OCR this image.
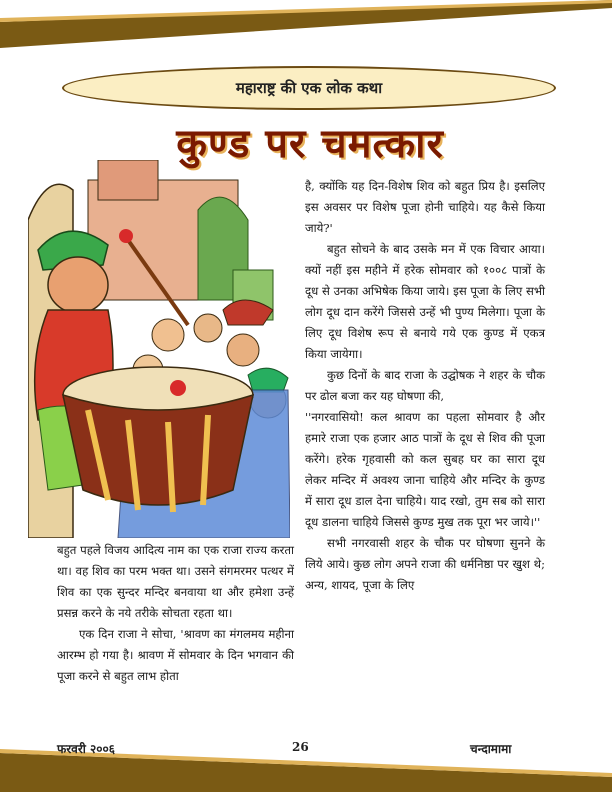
महाराष्ट्र की एक लोक कथा
कुण्ड पर चमत्कार

बहुत पहले विजय आदित्य नाम का एक राजा राज्य करता था। वह शिव का परम भक्त था। उसने संगमरमर पत्थर में शिव का एक सुन्दर मन्दिर बनवाया था और हमेशा उन्हें प्रसन्न करने के नये तरीके सोचता रहता था।

एक दिन राजा ने सोचा, 'श्रावण का मंगलमय महीना आरम्भ हो गया है। श्रावण में सोमवार के दिन भगवान की पूजा करने से बहुत लाभ होता

है, क्योंकि यह दिन-विशेष शिव को बहुत प्रिय है। इसलिए इस अवसर पर विशेष पूजा होनी चाहिये। यह कैसे किया जाये?'

बहुत सोचने के बाद उसके मन में एक विचार आया। क्यों नहीं इस महीने में हरेक सोमवार को १००८ पात्रों के दूध से उनका अभिषेक किया जाये। इस पूजा के लिए सभी लोग दूध दान करेंगे जिससे उन्हें भी पुण्य मिलेगा। पूजा के लिए दूध विशेष रूप से बनाये गये एक कुण्ड में एकत्र किया जायेगा।

कुछ दिनों के बाद राजा के उद्घोषक ने शहर के चौक पर ढोल बजा कर यह घोषणा की,

''नगरवासियो! कल श्रावण का पहला सोमवार है और हमारे राजा एक हजार आठ पात्रों के दूध से शिव की पूजा करेंगे। हरेक गृहवासी को कल सुबह घर का सारा दूध लेकर मन्दिर में अवश्य जाना चाहिये और मन्दिर के कुण्ड में सारा दूध डाल देना चाहिये। याद रखो, तुम सब को सारा दूध डालना चाहिये जिससे कुण्ड मुख तक पूरा भर जाये।''

सभी नगरवासी शहर के चौक पर घोषणा सुनने के लिये आये। कुछ लोग अपने राजा की धर्मनिष्ठा पर खुश थे; अन्य, शायद, पूजा के लिए

फरवरी २००६	26	चन्दामामा
